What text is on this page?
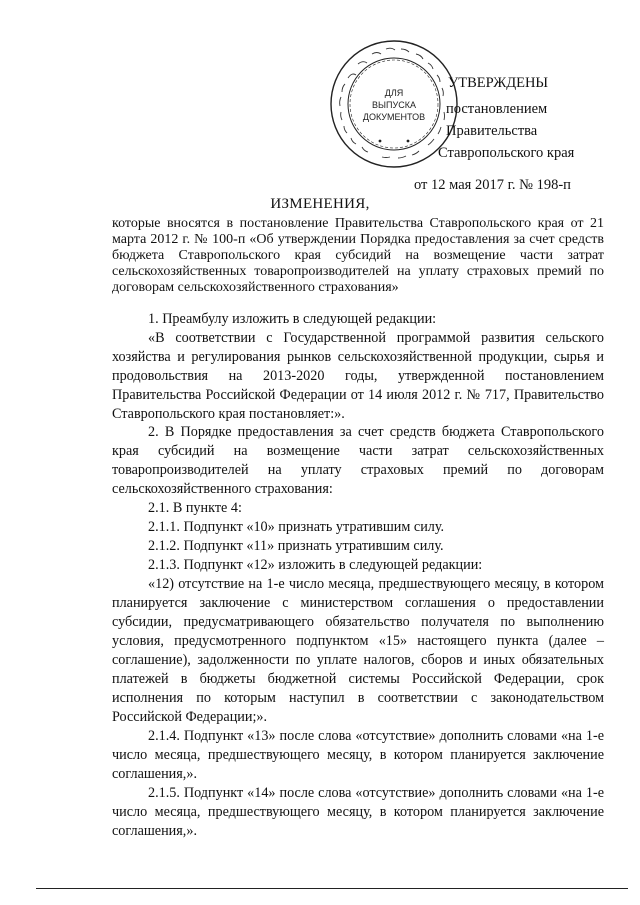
ДЛЯ
ВЫПУСКА
ДОКУМЕНТОВ
УТВЕРЖДЕНЫ
постановлением Правительства
Ставропольского края
от 12 мая 2017 г. № 198-п
ИЗМЕНЕНИЯ,

которые вносятся в постановление Правительства Ставропольского края от 21 марта 2012 г. № 100-п «Об утверждении Порядка предоставления за счет средств бюджета Ставропольского края субсидий на возмещение части затрат сельскохозяйственных товаропроизводителей на уплату страховых премий по договорам сельскохозяйственного страхования»

1. Преамбулу изложить в следующей редакции:

«В соответствии с Государственной программой развития сельского хозяйства и регулирования рынков сельскохозяйственной продукции, сырья и продовольствия на 2013-2020 годы, утвержденной постановлением Правительства Российской Федерации от 14 июля 2012 г. № 717, Правительство Ставропольского края постановляет:».

2. В Порядке предоставления за счет средств бюджета Ставропольского края субсидий на возмещение части затрат сельскохозяйственных товаропроизводителей на уплату страховых премий по договорам сельскохозяйственного страхования:

2.1. В пункте 4:

2.1.1. Подпункт «10» признать утратившим силу.

2.1.2. Подпункт «11» признать утратившим силу.

2.1.3. Подпункт «12» изложить в следующей редакции:

«12) отсутствие на 1-е число месяца, предшествующего месяцу, в котором планируется заключение с министерством соглашения о предоставлении субсидии, предусматривающего обязательство получателя по выполнению условия, предусмотренного подпунктом «15» настоящего пункта (далее – соглашение), задолженности по уплате налогов, сборов и иных обязательных платежей в бюджеты бюджетной системы Российской Федерации, срок исполнения по которым наступил в соответствии с законодательством Российской Федерации;».

2.1.4. Подпункт «13» после слова «отсутствие» дополнить словами «на 1-е число месяца, предшествующего месяцу, в котором планируется заключение соглашения,».

2.1.5. Подпункт «14» после слова «отсутствие» дополнить словами «на 1-е число месяца, предшествующего месяцу, в котором планируется заключение соглашения,».
